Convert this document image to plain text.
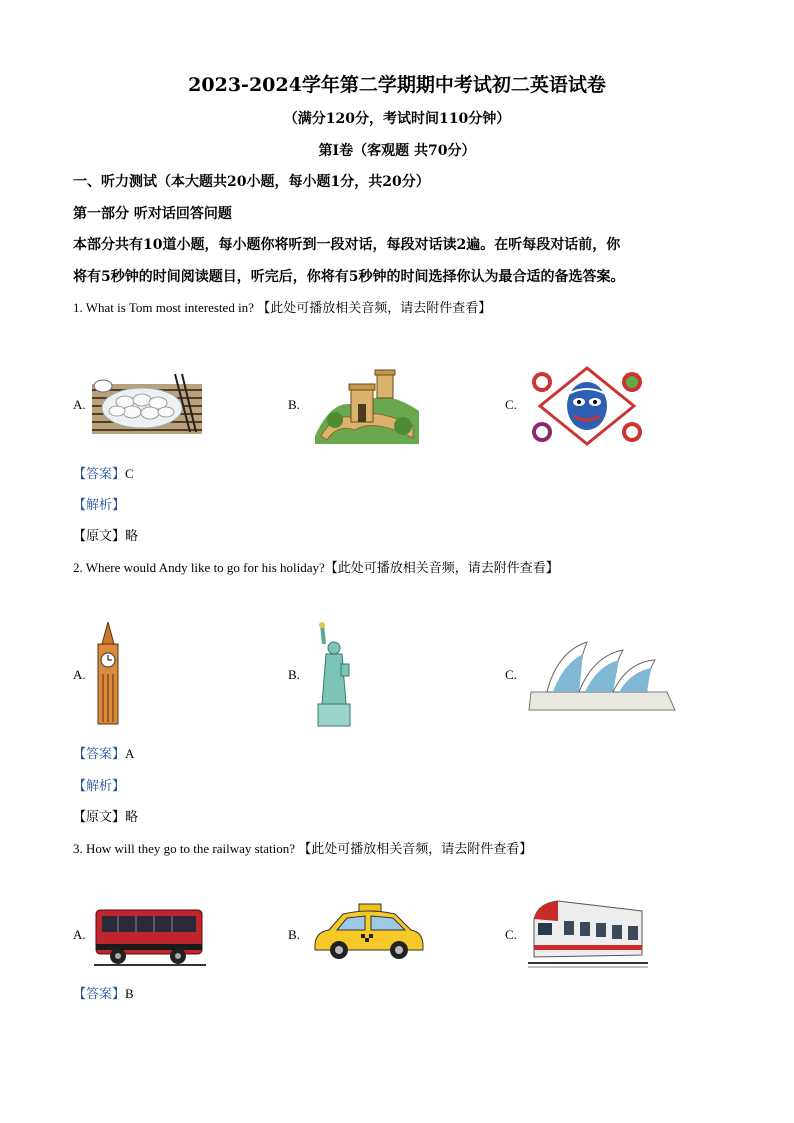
2023-2024学年第二学期期中考试初二英语试卷
（满分120分，考试时间110分钟）
第I卷（客观题 共70分）
一、听力测试（本大题共20小题，每小题1分，共20分）
第一部分 听对话回答问题
本部分共有10道小题，每小题你将听到一段对话，每段对话读2遍。在听每段对话前，你
将有5秒钟的时间阅读题目，听完后，你将有5秒钟的时间选择你认为最合适的备选答案。
1. What is Tom most interested in? 【此处可播放相关音频，请去附件查看】
A.	B.	C.
【答案】C
【解析】
【原文】略
2. Where would Andy like to go for his holiday?【此处可播放相关音频，请去附件查看】
A.	B.	C.
【答案】A
【解析】
【原文】略
3. How will they go to the railway station? 【此处可播放相关音频，请去附件查看】
A.	B.	C.
【答案】B
